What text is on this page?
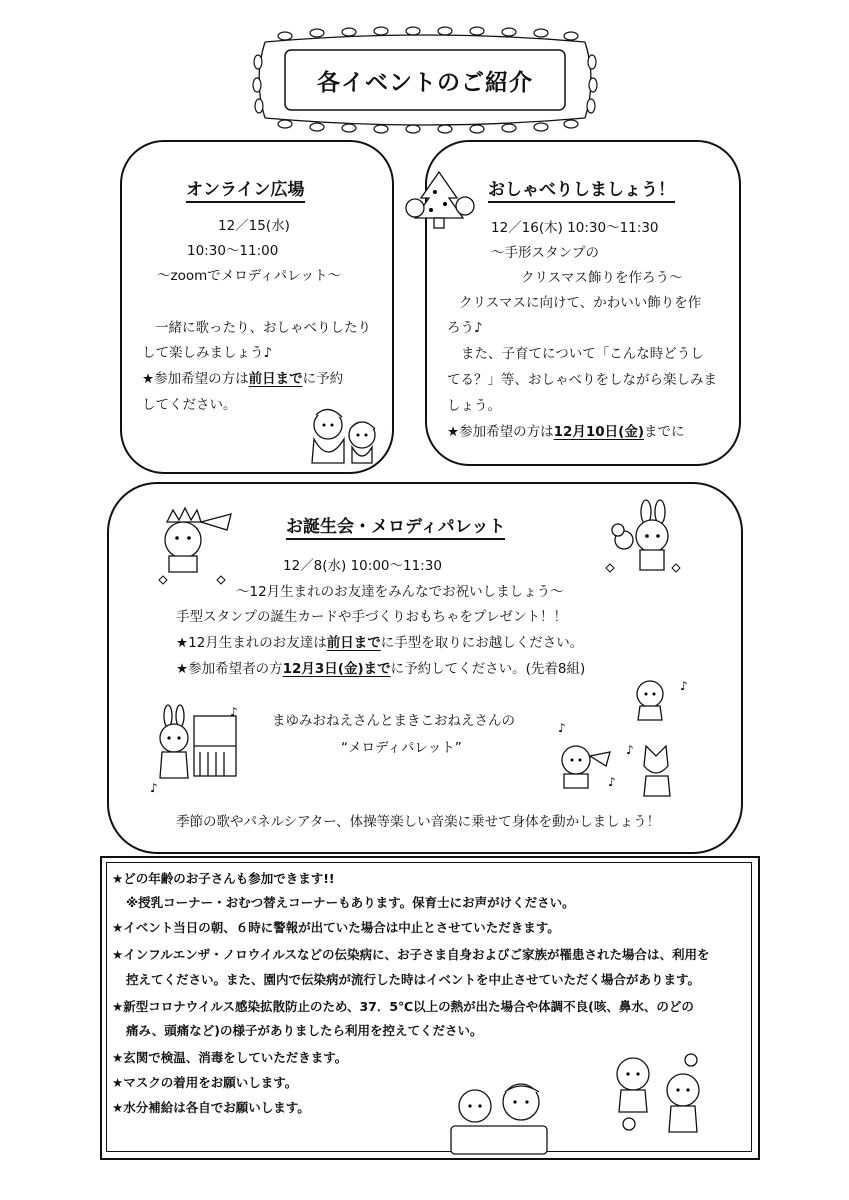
各イベントのご紹介
オンライン広場
12／15(水)
10:30～11:00
～zoomでメロディパレット～
一緒に歌ったり、おしゃべりしたり
して楽しみましょう♪
★参加希望の方は前日までに予約
してください。
おしゃべりしましょう！
12／16(木) 10:30～11:30
～手形スタンプの
クリスマス飾りを作ろう～
クリスマスに向けて、かわいい飾りを作
ろう♪
また、子育てについて「こんな時どうし
てる？」等、おしゃべりをしながら楽しみま
しょう。
★参加希望の方は12月10日(金)までに
お誕生会・メロディパレット
12／8(水) 10:00～11:30
～12月生まれのお友達をみんなでお祝いしましょう～
手型スタンプの誕生カードや手づくりおもちゃをプレゼント！！
★12月生まれのお友達は前日までに手型を取りにお越しください。
★参加希望者の方12月3日(金)までに予約してください。(先着8組)
まゆみおねえさんとまきこおねえさんの
“メロディパレット”
♪
♪
♪
♪
♪
♪
季節の歌やパネルシアター、体操等楽しい音楽に乗せて身体を動かしましょう！
★どの年齢のお子さんも参加できます!!
※授乳コーナー・おむつ替えコーナーもあります。保育士にお声がけください。
★イベント当日の朝、６時に警報が出ていた場合は中止とさせていただきます。
★インフルエンザ・ノロウイルスなどの伝染病に、お子さま自身およびご家族が罹患された場合は、利用を
控えてください。また、園内で伝染病が流行した時はイベントを中止させていただく場合があります。
★新型コロナウイルス感染拡散防止のため、37．5℃以上の熱が出た場合や体調不良(咳、鼻水、のどの
痛み、頭痛など)の様子がありましたら利用を控えてください。
★玄関で検温、消毒をしていただきます。
★マスクの着用をお願いします。
★水分補給は各自でお願いします。
